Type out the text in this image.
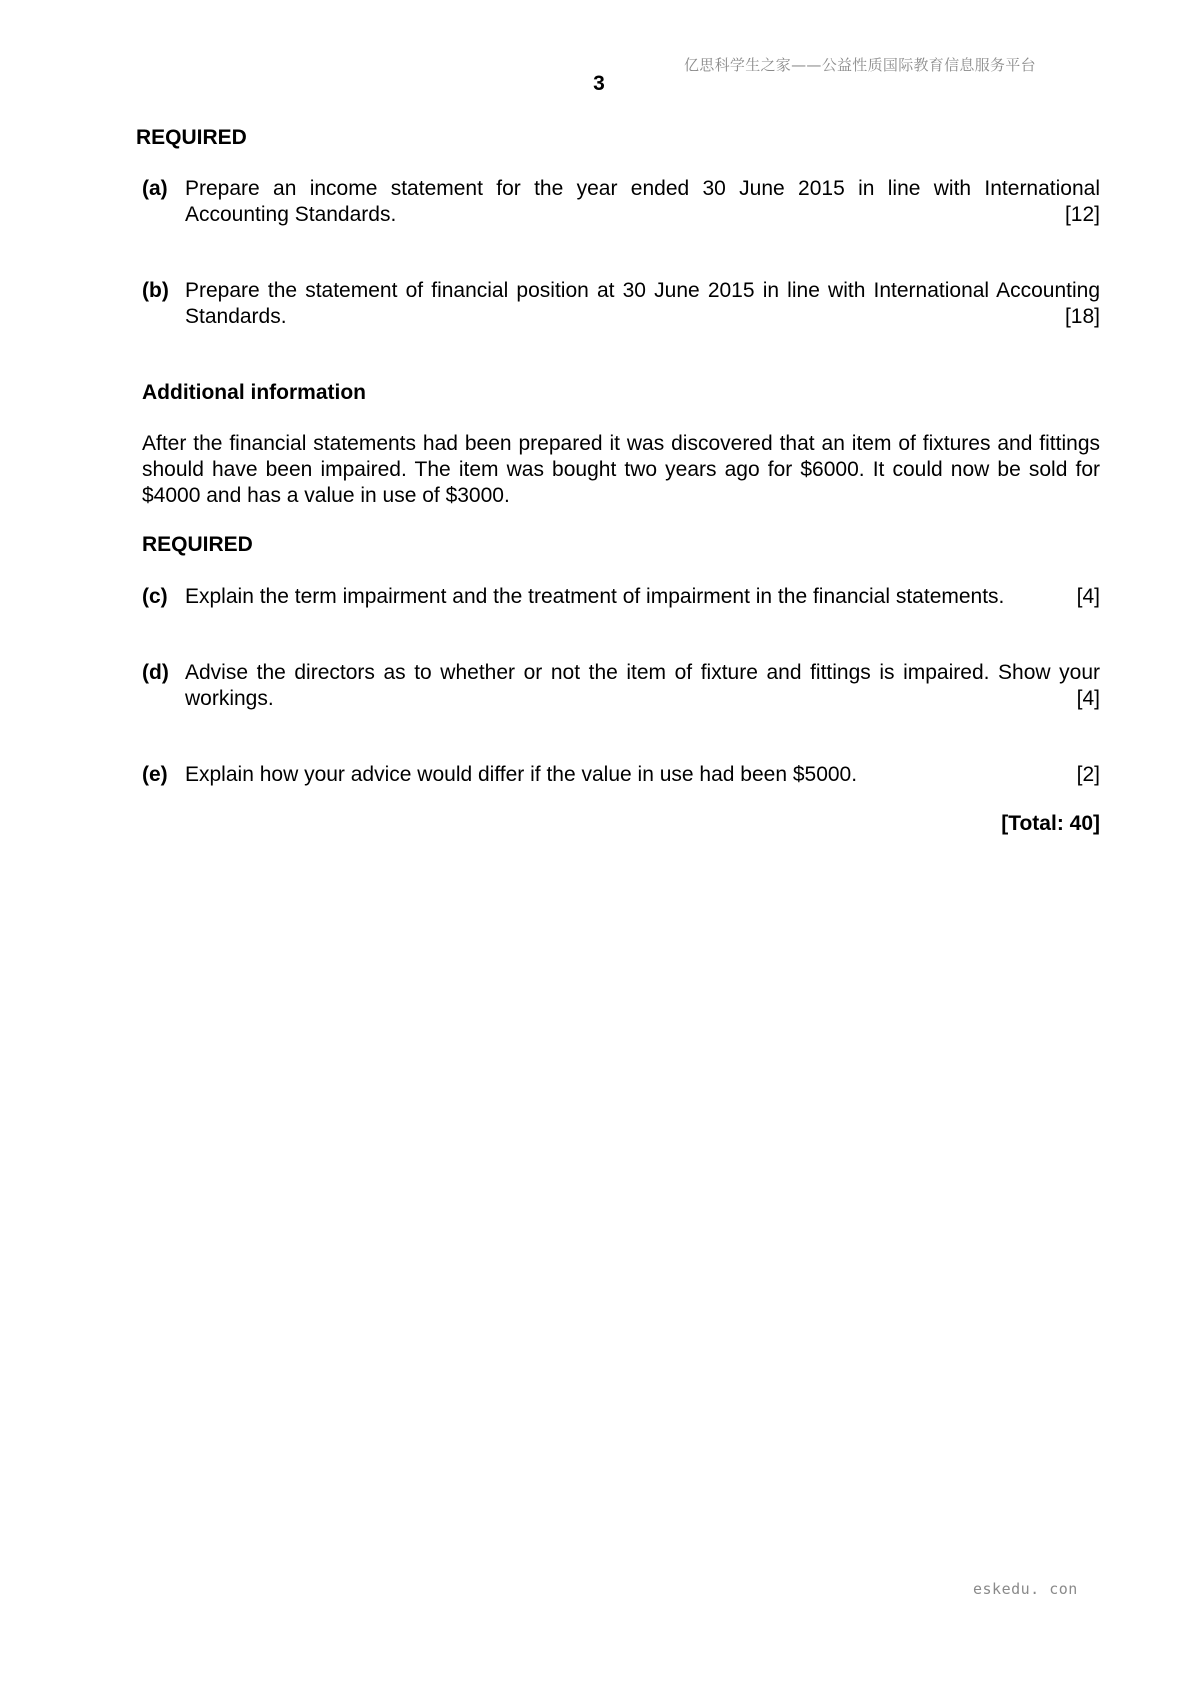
亿思科学生之家——公益性质国际教育信息服务平台
3
REQUIRED
(a) Prepare an income statement for the year ended 30 June 2015 in line with International Accounting Standards.	[12]
(b) Prepare the statement of financial position at 30 June 2015 in line with International Accounting Standards.	[18]
Additional information
After the financial statements had been prepared it was discovered that an item of fixtures and fittings should have been impaired. The item was bought two years ago for $6000. It could now be sold for $4000 and has a value in use of $3000.
REQUIRED
(c) Explain the term impairment and the treatment of impairment in the financial statements.	[4]
(d) Advise the directors as to whether or not the item of fixture and fittings is impaired. Show your workings.	[4]
(e) Explain how your advice would differ if the value in use had been $5000.	[2]
[Total: 40]
eskedu. con
